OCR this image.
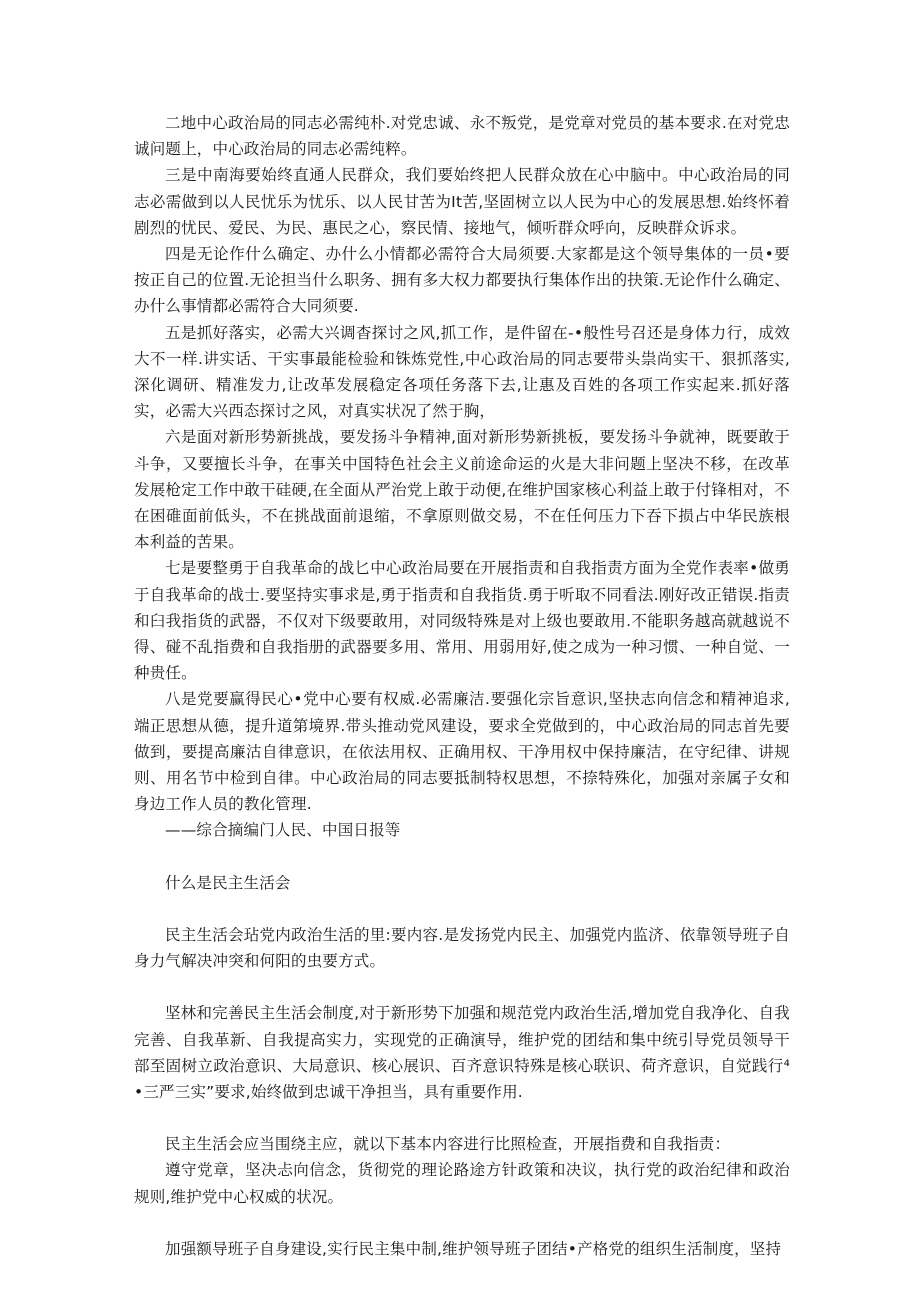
二地中心政治局的同志必需纯朴.对党忠诚、永不叛党，是党章对党员的基本要求.在对党忠诚问题上，中心政治局的同志必需纯粹。

三是中南海要始终直通人民群众，我们要始终把人民群众放在心中脑中。中心政治局的同志必需做到以人民忧乐为忧乐、以人民甘苦为It苦,坚固树立以人民为中心的发展思想.始终怀着剧烈的忧民、爱民、为民、惠民之心，察民情、接地气，倾听群众呼向，反映群众诉求。

四是无论作什么确定、办什么小情都必需符合大局须要.大家都是这个领导集体的一员•要按正自己的位置.无论担当什么职务、拥有多大权力都要执行集体作出的抉策.无论作什么确定、办什么事情都必需符合大同须要.

五是抓好落实，必需大兴调杳探讨之风,抓工作，是件留在-•般性号召还是身体力行，成效大不一样.讲实话、干实事最能检验和铢炼党性,中心政治局的同志要带头祟尚实干、狠抓落实,深化调研、精准发力,让改革发展稳定各项任务落下去,让惠及百姓的各项工作实起来.抓好落实，必需大兴西态探讨之风，对真实状况了然于胸，

六是面对新形势新挑战，要发扬斗争精神,面对新形势新挑板，要发扬斗争就神，既要敢于斗争，又要擅长斗争，在事关中国特色社会主义前途命运的火是大非问题上坚决不移，在改革发展枪定工作中敢干硅硬,在全面从严治党上敢于动便,在维护国家核心利益上敢于付锋相对，不在困碓面前低头，不在挑战面前退缩，不拿原则做交易，不在任何压力下吞下损占中华民族根本利益的苦果。

七是要整勇于自我革命的战匕中心政治局要在开展指责和自我指责方面为全党作表率•做勇于自我革命的战士.要坚持实事求是,勇于指责和自我指货.勇于听取不同看法.刚好改正错误.指责和臼我指货的武器，不仅对下级要敢用，对同级特殊是对上级也要敢用.不能职务越高就越说不得、碰不乱指费和自我指册的武器要多用、常用、用弱用好,使之成为一种习惯、一种自觉、一种贵任。

八是党要赢得民心•党中心要有权威.必需廉洁.要强化宗旨意识,坚抉志向信念和精神追求,端正思想从德，提升道第境界.带头推动党风建设，要求全党做到的，中心政治局的同志首先要做到，要提高廉沽自律意识，在依法用权、正确用权、干净用权中保持廉洁，在守纪律、讲规则、用名节中检到自律。中心政治局的同志要抵制特权思想，不捺特殊化，加强对亲属子女和身边工作人员的教化管理.

——综合摘编门人民、中国日报等

什么是民主生活会

民主生活会玷党内政治生活的里:要内容.是发扬党内民主、加强党内监济、依靠领导班子自身力气解决冲突和何阳的虫要方式。

坚林和完善民主生活会制度,对于新形势下加强和规范党内政治生活,增加党自我净化、自我完善、自我革新、自我提高实力，实现党的正确演导，维护党的团结和集中统引导党员领导干部至固树立政治意识、大局意识、核心展识、百齐意识特殊是核心联识、荷齐意识，自觉践行⁴•三严三实”要求,始终做到忠诚干净担当，具有重要作用.

民主生活会应当围绕主应，就以下基本内容进行比照检查，开展指费和自我指责：

遵守党章，坚决忐向信念，货彻党的理论路途方针政策和决议，执行党的政治纪律和政治规则,维护党中心权威的状况。

加强额导班子自身建设,实行民主集中制,维护领导班子团结•产格党的组织生活制度，坚持
